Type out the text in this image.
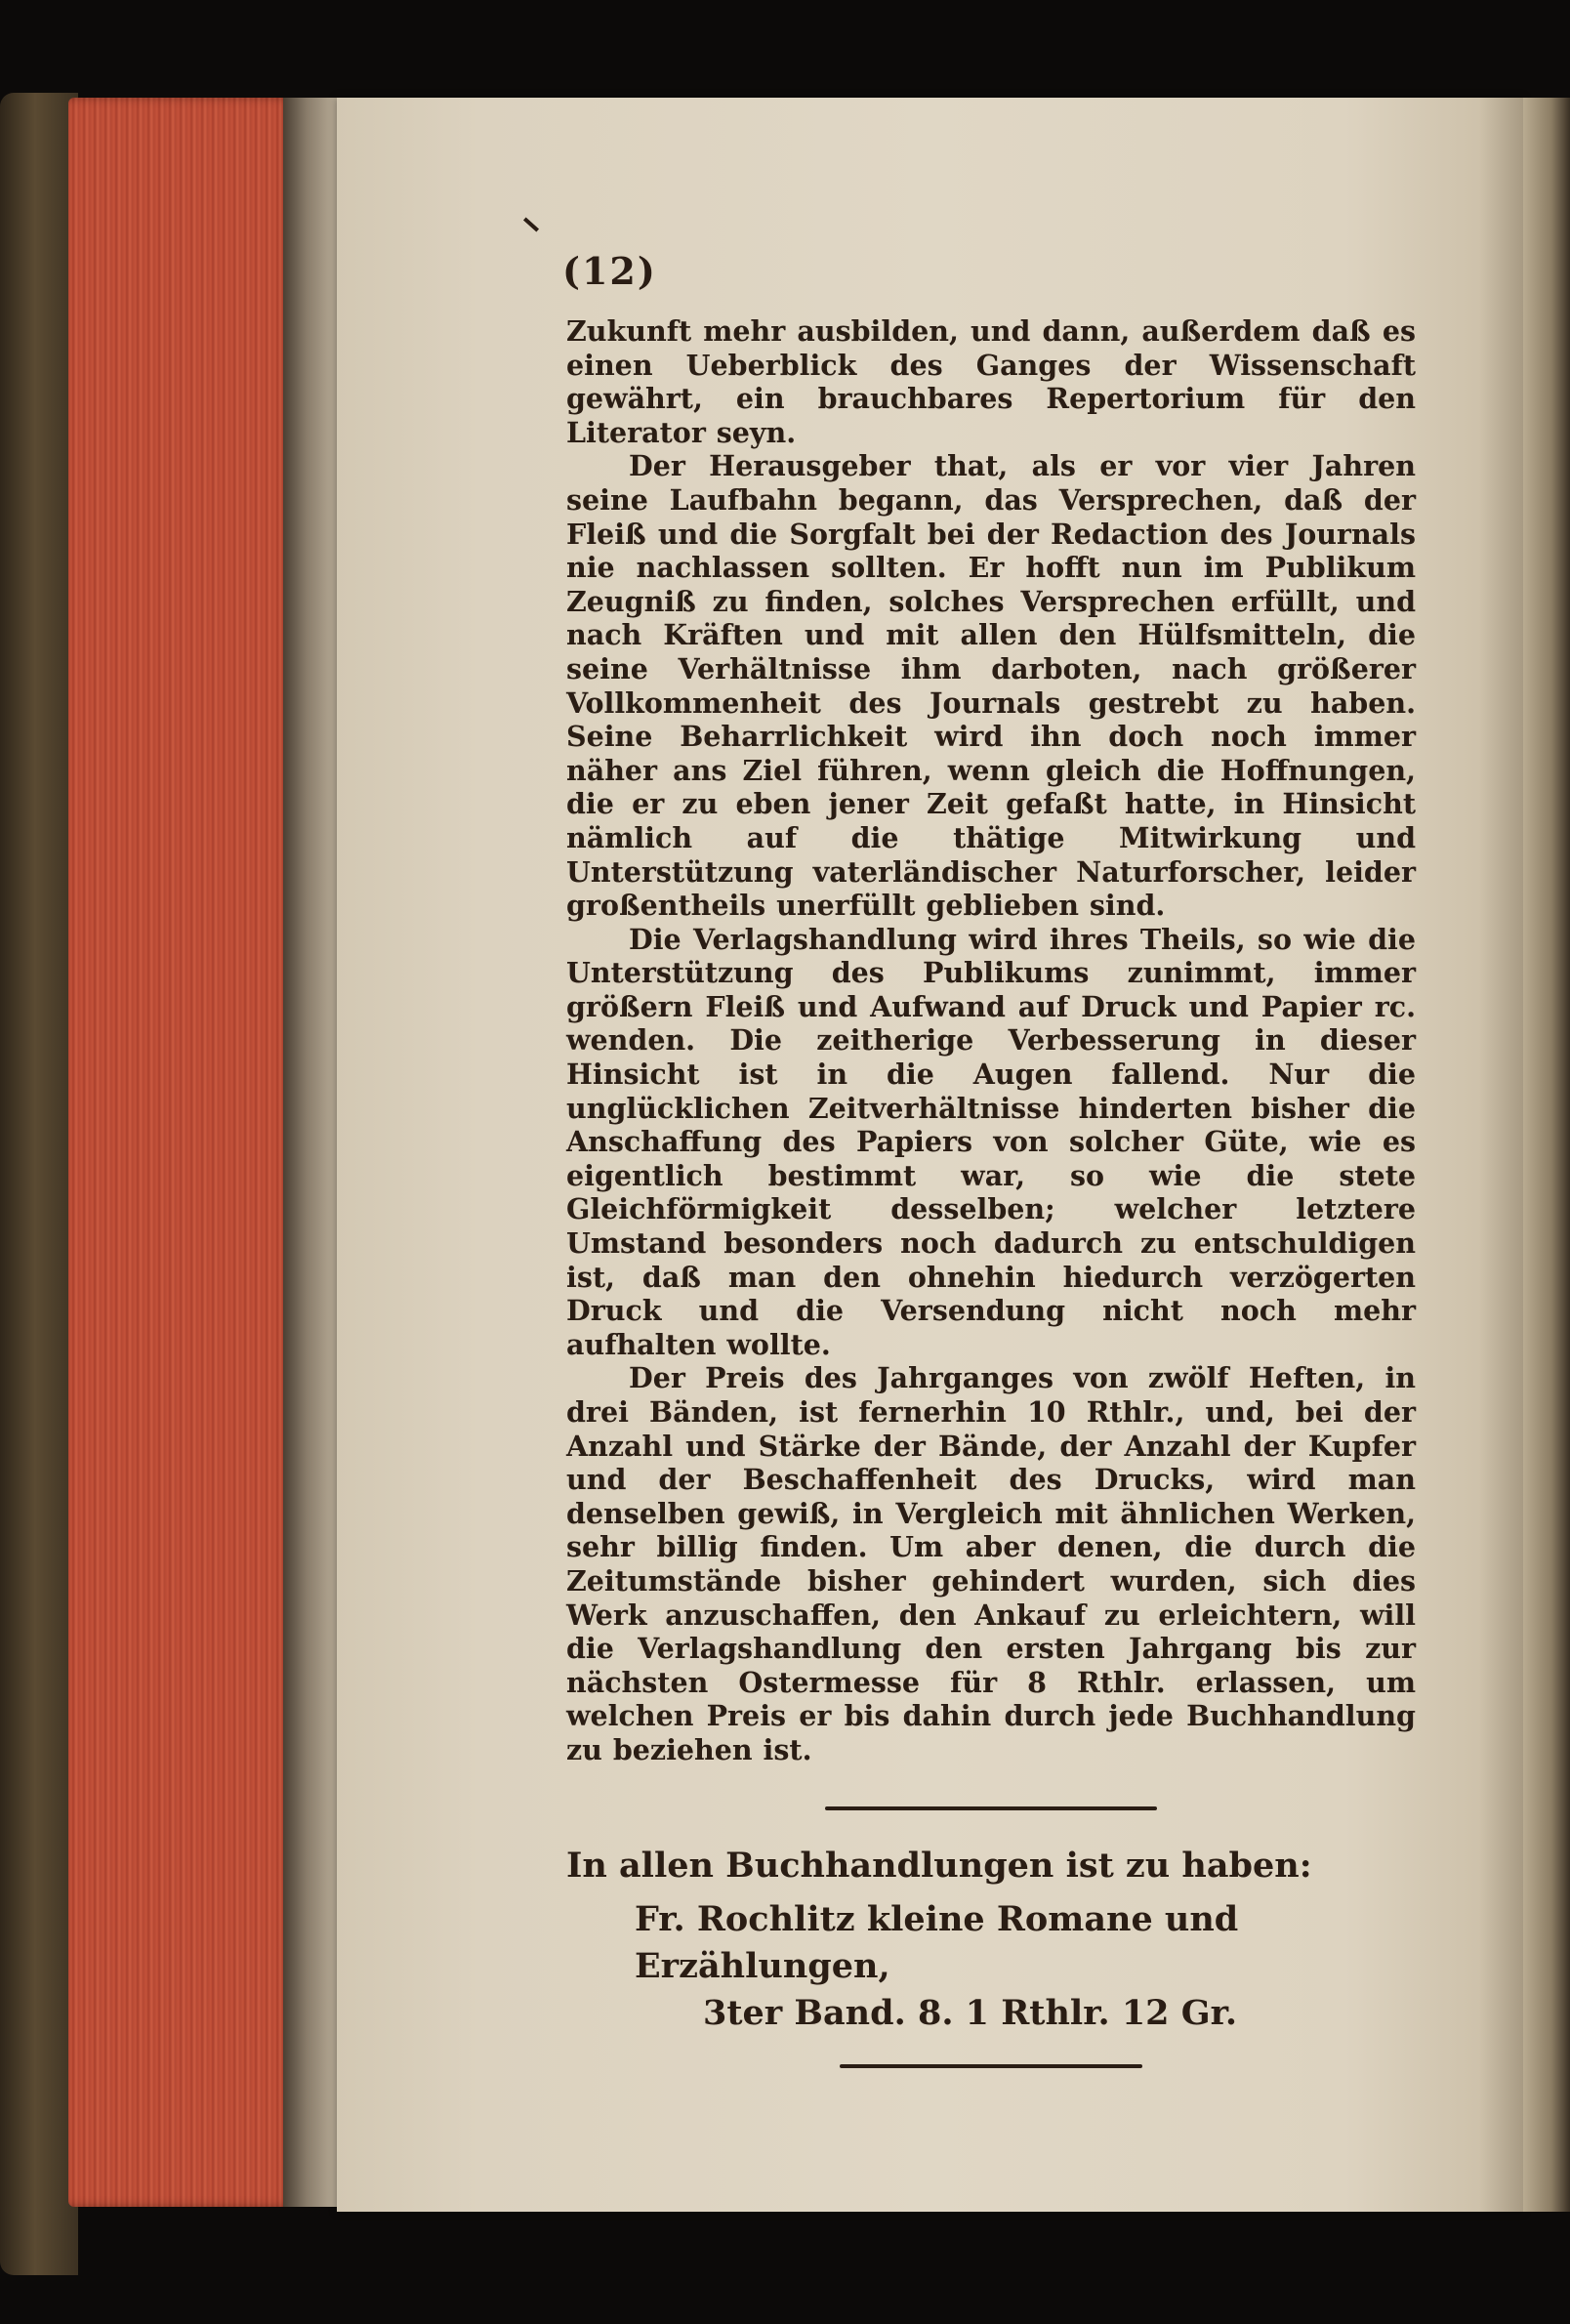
(12)

Zukunft mehr ausbilden, und dann, außerdem daß es einen Ueberblick des Ganges der Wissenschaft gewährt, ein brauchbares Repertorium für den Literator seyn.

Der Herausgeber that, als er vor vier Jahren seine Laufbahn begann, das Versprechen, daß der Fleiß und die Sorgfalt bei der Redaction des Journals nie nachlassen sollten. Er hofft nun im Publikum Zeugniß zu finden, solches Versprechen erfüllt, und nach Kräften und mit allen den Hülfsmitteln, die seine Verhältnisse ihm darboten, nach größerer Vollkommenheit des Journals gestrebt zu haben. Seine Beharrlichkeit wird ihn doch noch immer näher ans Ziel führen, wenn gleich die Hoffnungen, die er zu eben jener Zeit gefaßt hatte, in Hinsicht nämlich auf die thätige Mitwirkung und Unterstützung vaterländischer Naturforscher, leider großentheils unerfüllt geblieben sind.

Die Verlagshandlung wird ihres Theils, so wie die Unterstützung des Publikums zunimmt, immer größern Fleiß und Aufwand auf Druck und Papier rc. wenden. Die zeitherige Verbesserung in dieser Hinsicht ist in die Augen fallend. Nur die unglücklichen Zeitverhältnisse hinderten bisher die Anschaffung des Papiers von solcher Güte, wie es eigentlich bestimmt war, so wie die stete Gleichförmigkeit desselben; welcher letztere Umstand besonders noch dadurch zu entschuldigen ist, daß man den ohnehin hiedurch verzögerten Druck und die Versendung nicht noch mehr aufhalten wollte.

Der Preis des Jahrganges von zwölf Heften, in drei Bänden, ist fernerhin 10 Rthlr., und, bei der Anzahl und Stärke der Bände, der Anzahl der Kupfer und der Beschaffenheit des Drucks, wird man denselben gewiß, in Vergleich mit ähnlichen Werken, sehr billig finden. Um aber denen, die durch die Zeitumstände bisher gehindert wurden, sich dies Werk anzuschaffen, den Ankauf zu erleichtern, will die Verlagshandlung den ersten Jahrgang bis zur nächsten Ostermesse für 8 Rthlr. erlassen, um welchen Preis er bis dahin durch jede Buchhandlung zu beziehen ist.

In allen Buchhandlungen ist zu haben:
Fr. Rochlitz kleine Romane und Erzählungen,
3ter Band. 8. 1 Rthlr. 12 Gr.
